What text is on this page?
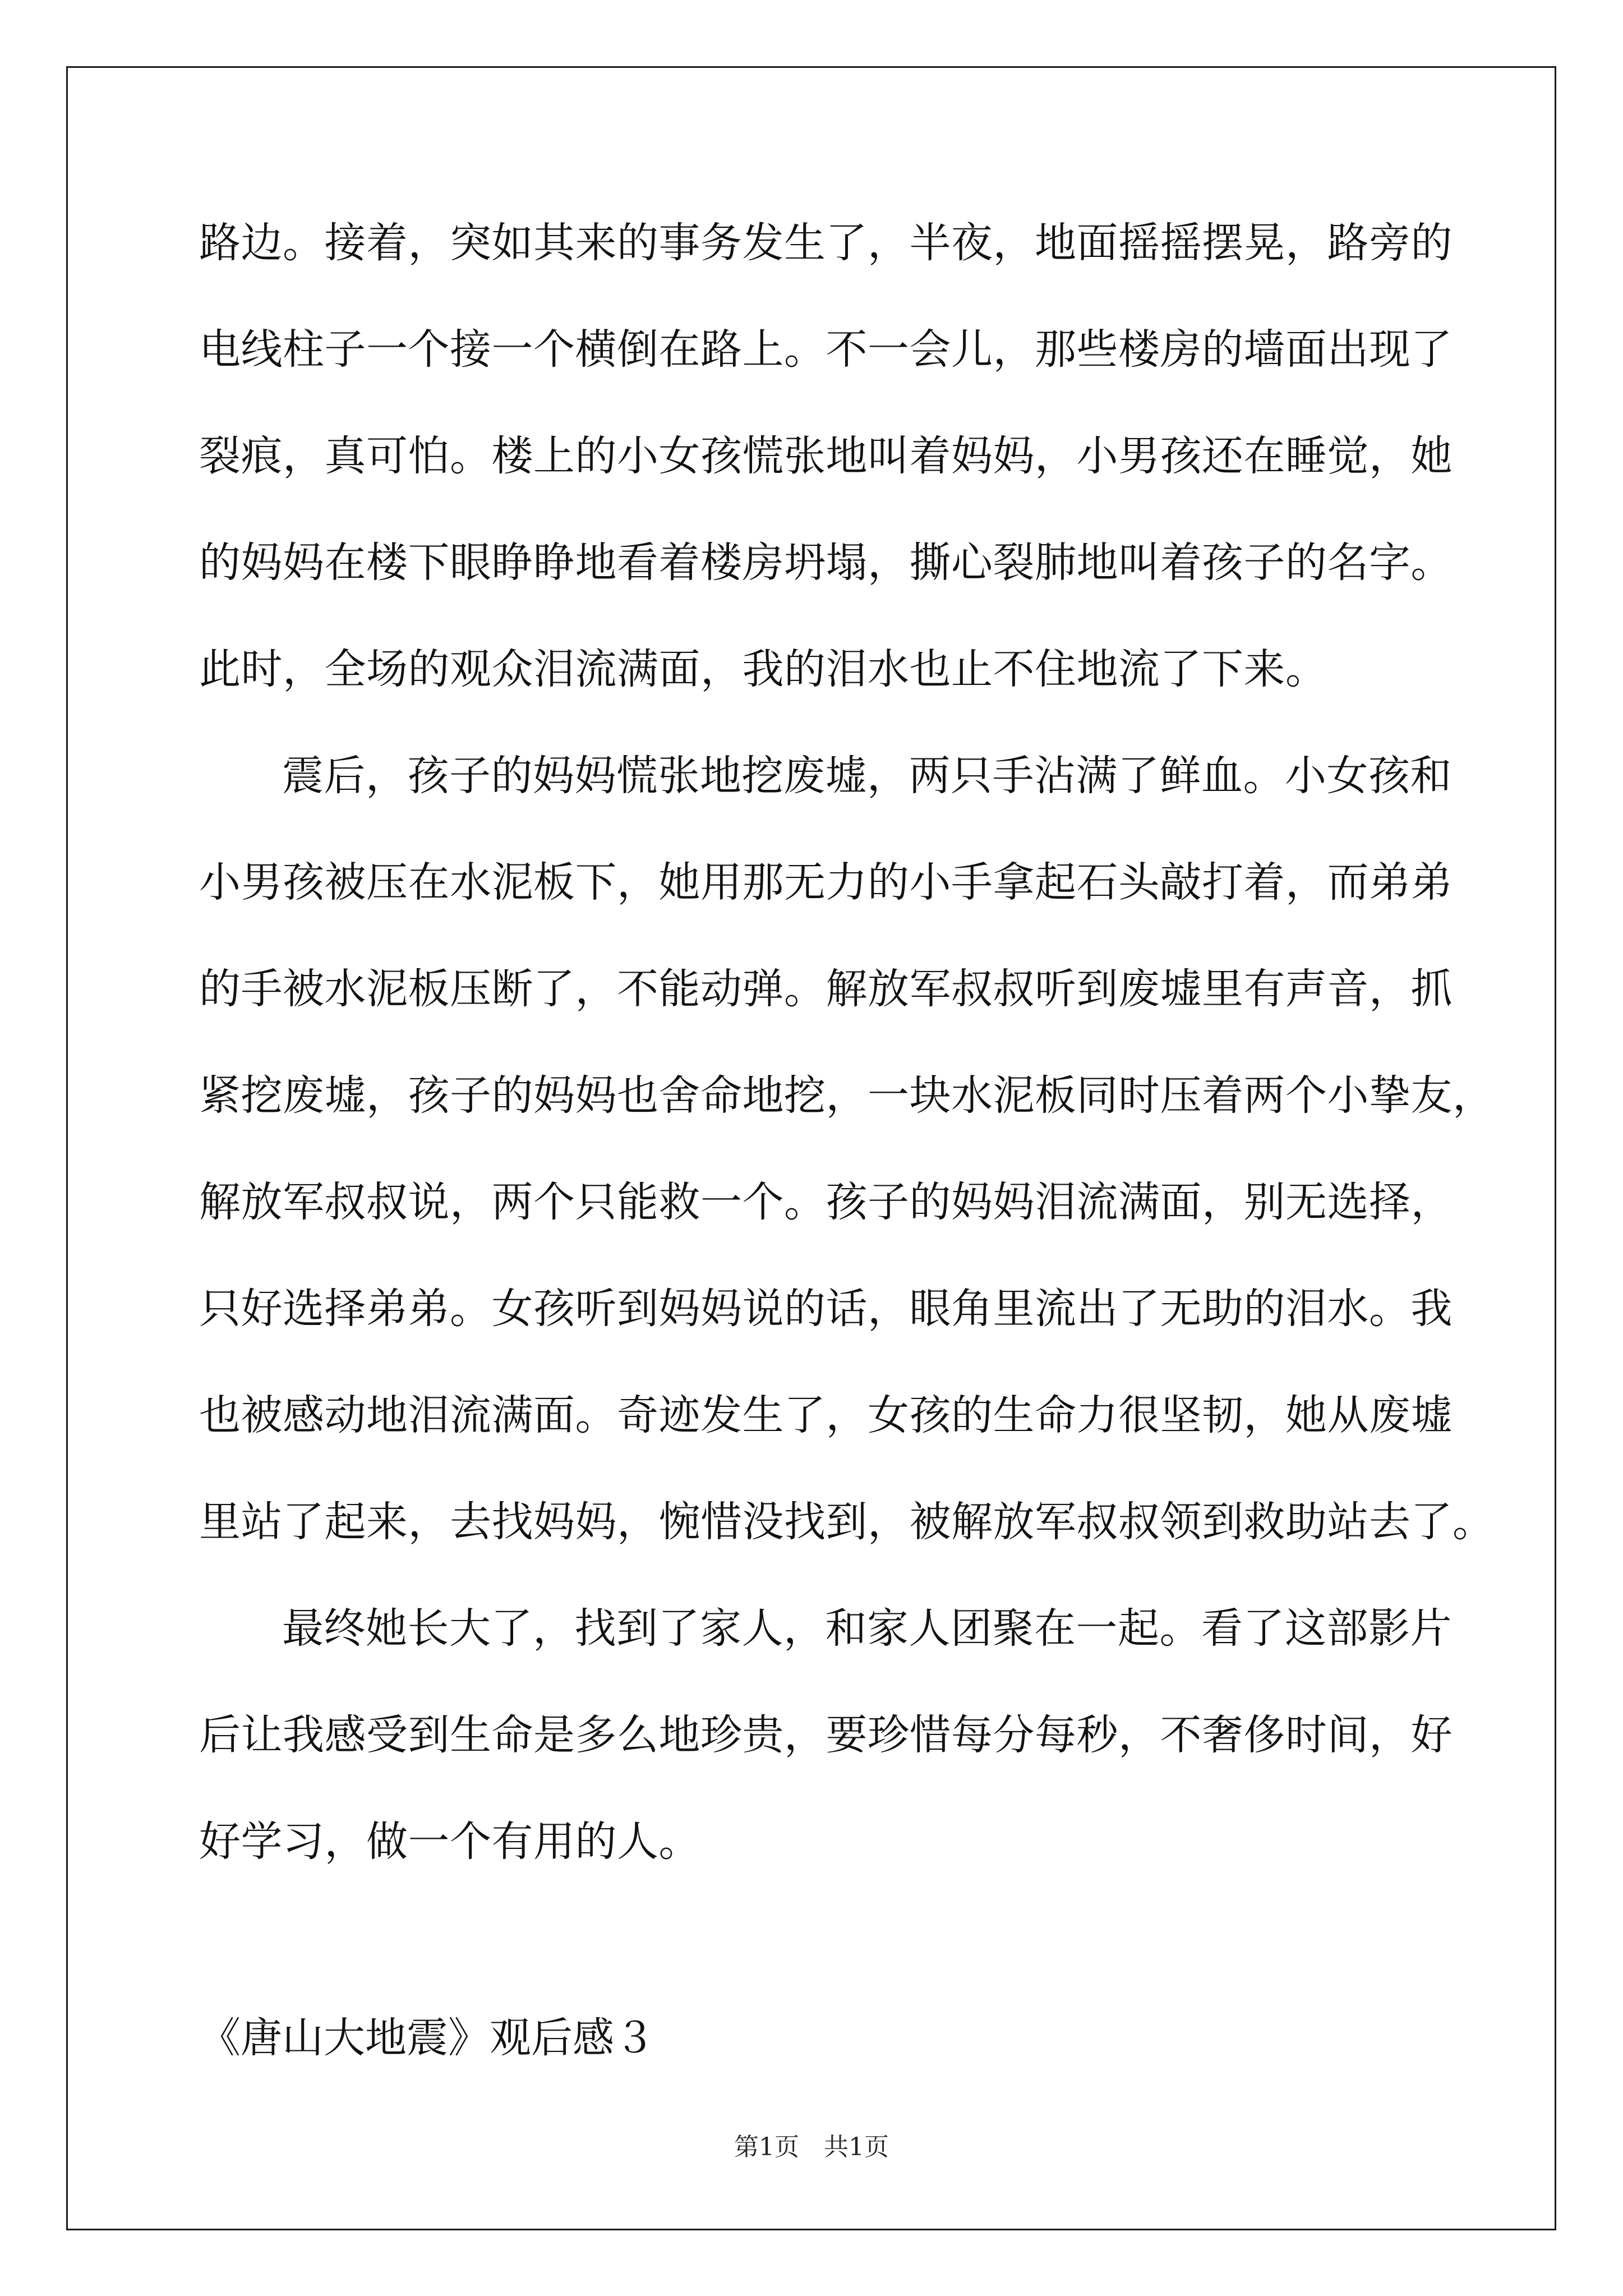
路边。接着，突如其来的事务发生了，半夜，地面摇摇摆晃，路旁的
电线柱子一个接一个横倒在路上。不一会儿，那些楼房的墙面出现了
裂痕，真可怕。楼上的小女孩慌张地叫着妈妈，小男孩还在睡觉，她
的妈妈在楼下眼睁睁地看着楼房坍塌，撕心裂肺地叫着孩子的名字。
此时，全场的观众泪流满面，我的泪水也止不住地流了下来。
震后，孩子的妈妈慌张地挖废墟，两只手沾满了鲜血。小女孩和
小男孩被压在水泥板下，她用那无力的小手拿起石头敲打着，而弟弟
的手被水泥板压断了，不能动弹。解放军叔叔听到废墟里有声音，抓
紧挖废墟，孩子的妈妈也舍命地挖，一块水泥板同时压着两个小挚友，
解放军叔叔说，两个只能救一个。孩子的妈妈泪流满面，别无选择，
只好选择弟弟。女孩听到妈妈说的话，眼角里流出了无助的泪水。我
也被感动地泪流满面。奇迹发生了，女孩的生命力很坚韧，她从废墟
里站了起来，去找妈妈，惋惜没找到，被解放军叔叔领到救助站去了。
最终她长大了，找到了家人，和家人团聚在一起。看了这部影片
后让我感受到生命是多么地珍贵，要珍惜每分每秒，不奢侈时间，好
好学习，做一个有用的人。
《唐山大地震》观后感３
第1页　共1页
